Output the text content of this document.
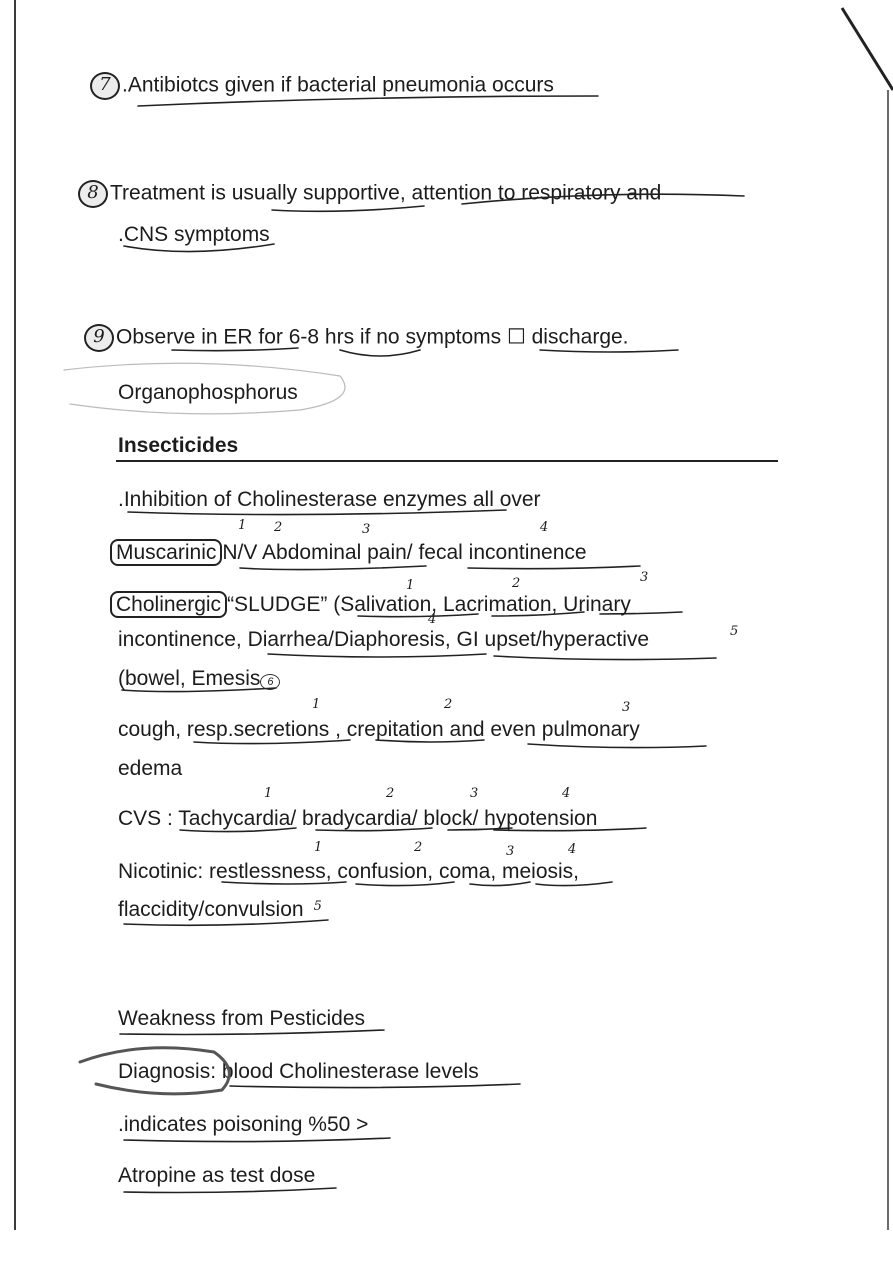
7 .Antibiotcs given if bacterial pneumonia occurs
8 Treatment is usually supportive, attention to respiratory and
.CNS symptoms
9 Observe in ER for 6-8 hrs if no symptoms ☐ discharge.
Organophosphorus
Insecticides
.Inhibition of Cholinesterase enzymes all over
Muscarinic N/V Abdominal pain/ fecal incontinence
1 2	3	4
Cholinergic “SLUDGE” (Salivation, Lacrimation, Urinary
1	2	3
4
incontinence, Diarrhea/Diaphoresis, GI upset/hyperactive	5
(bowel, Emesis 6
1	2	3
cough, resp.secretions , crepitation and even pulmonary
edema
1	2	3	4
CVS : Tachycardia/ bradycardia/ block/ hypotension
1	2	3	4
Nicotinic: restlessness, confusion, coma, meiosis,
flaccidity/convulsion $^5$
Weakness from Pesticides
Diagnosis: blood Cholinesterase levels
.indicates poisoning %50 >
Atropine as test dose
